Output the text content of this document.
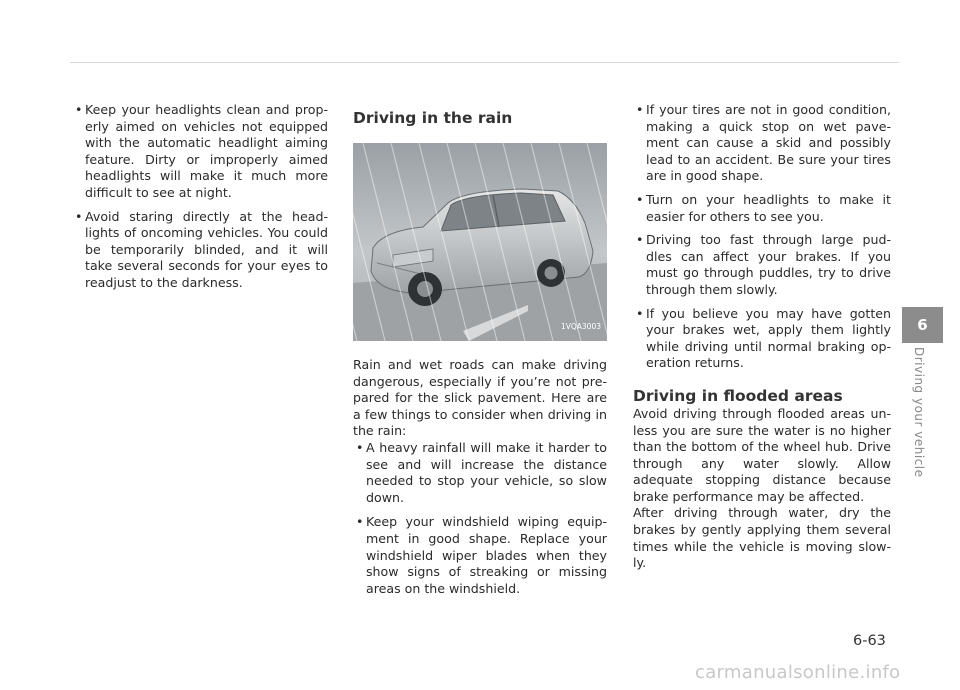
• Keep your headlights clean and prop-erly aimed on vehicles not equipped with the automatic headlight aiming feature. Dirty or improperly aimed headlights will make it much more difficult to see at night.
• Avoid staring directly at the head-lights of oncoming vehicles. You could be temporarily blinded, and it will take several seconds for your eyes to readjust to the darkness.
Driving in the rain
1VQA3003

Rain and wet roads can make driving dangerous, especially if you’re not pre-pared for the slick pavement. Here are a few things to consider when driving in the rain:

• A heavy rainfall will make it harder to see and will increase the distance needed to stop your vehicle, so slow down.
• Keep your windshield wiping equip-ment in good shape. Replace your windshield wiper blades when they show signs of streaking or missing areas on the windshield.
• If your tires are not in good condition, making a quick stop on wet pave-ment can cause a skid and possibly lead to an accident. Be sure your tires are in good shape.
• Turn on your headlights to make it easier for others to see you.
• Driving too fast through large pud-dles can affect your brakes. If you must go through puddles, try to drive through them slowly.
• If you believe you may have gotten your brakes wet, apply them lightly while driving until normal braking op-eration returns.
Driving in flooded areas

Avoid driving through flooded areas un-less you are sure the water is no higher than the bottom of the wheel hub. Drive through any water slowly. Allow adequate stopping distance because brake performance may be affected.
After driving through water, dry the brakes by gently applying them several times while the vehicle is moving slow-ly.

6
Driving your vehicle
6-63
carmanualsonline.info
